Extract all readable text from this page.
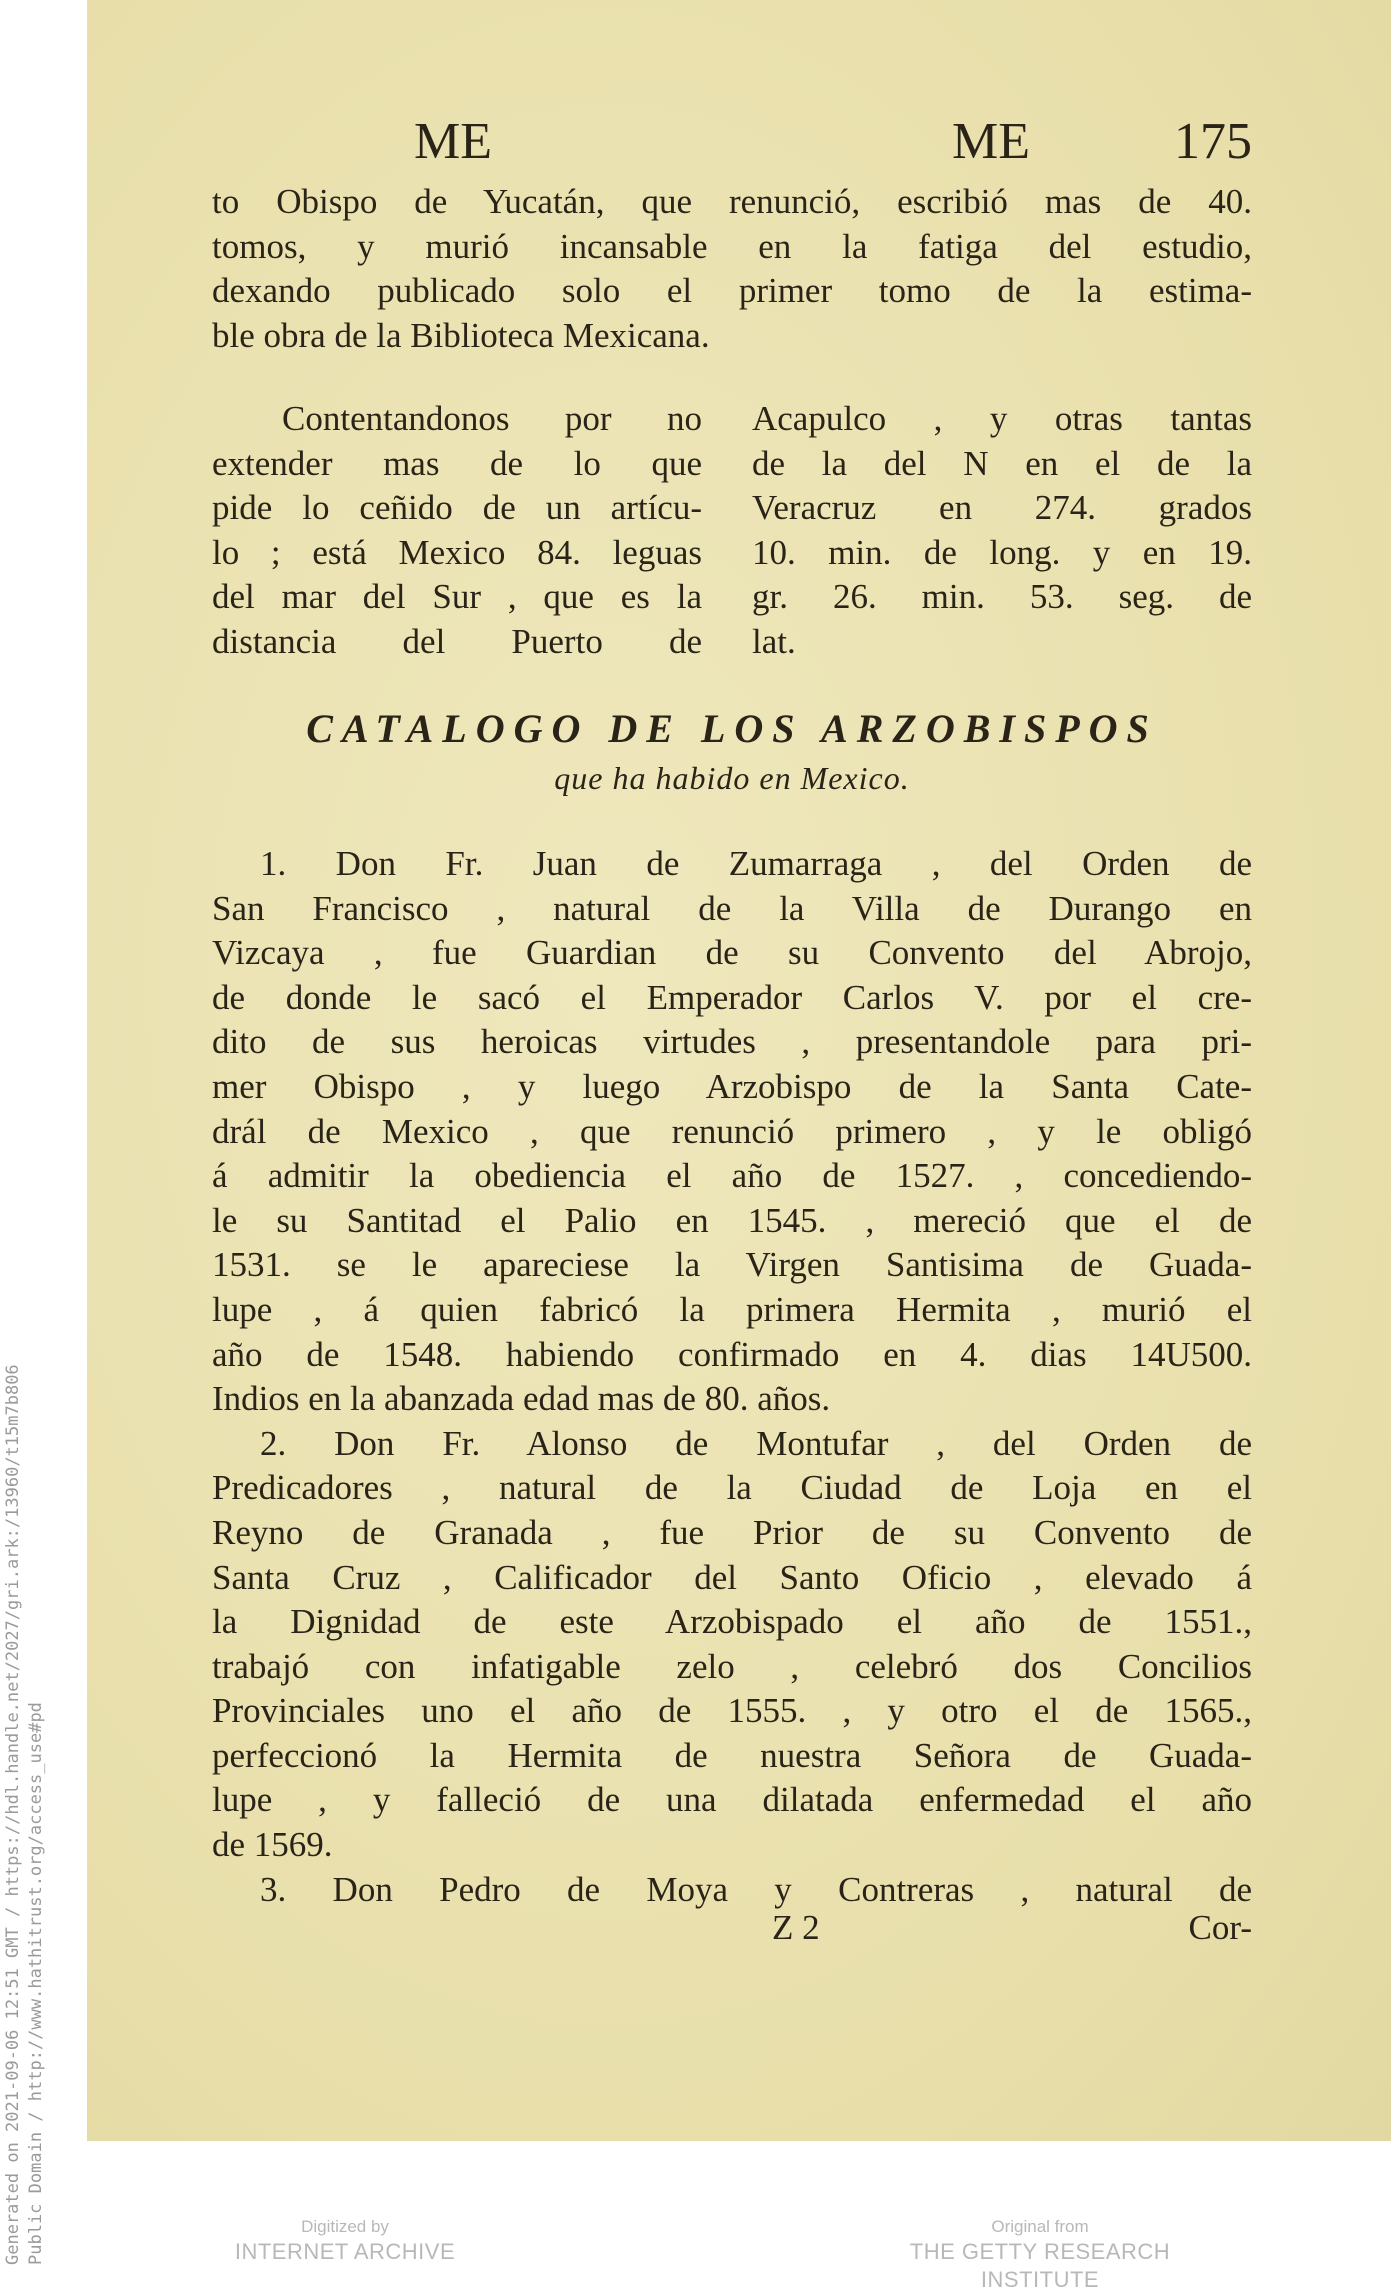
ME	ME	175
to Obispo de Yucatán, que renunció, escribió mas de 40.
tomos, y murió incansable en la fatiga del estudio,
dexando publicado solo el primer tomo de la estima-
ble obra de la Biblioteca Mexicana.
Contentandonos por no
extender mas de lo que
pide lo ceñido de un artícu-
lo ; está Mexico 84. leguas
del mar del Sur , que es la
distancia del Puerto de
Acapulco , y otras tantas
de la del N en el de la
Veracruz en 274. grados
10. min. de long. y en 19.
gr. 26. min. 53. seg. de
lat.
CATALOGO DE LOS ARZOBISPOS
que ha habido en Mexico.
1. Don Fr. Juan de Zumarraga , del Orden de
San Francisco , natural de la Villa de Durango en
Vizcaya , fue Guardian de su Convento del Abrojo,
de donde le sacó el Emperador Carlos V. por el cre-
dito de sus heroicas virtudes , presentandole para pri-
mer Obispo , y luego Arzobispo de la Santa Cate-
drál de Mexico , que renunció primero , y le obligó
á admitir la obediencia el año de 1527. , concediendo-
le su Santitad el Palio en 1545. , mereció que el de
1531. se le apareciese la Virgen Santisima de Guada-
lupe , á quien fabricó la primera Hermita , murió el
año de 1548. habiendo confirmado en 4. dias 14U500.
Indios en la abanzada edad mas de 80. años.
2. Don Fr. Alonso de Montufar , del Orden de
Predicadores , natural de la Ciudad de Loja en el
Reyno de Granada , fue Prior de su Convento de
Santa Cruz , Calificador del Santo Oficio , elevado á
la Dignidad de este Arzobispado el año de 1551.,
trabajó con infatigable zelo , celebró dos Concilios
Provinciales uno el año de 1555. , y otro el de 1565.,
perfeccionó la Hermita de nuestra Señora de Guada-
lupe , y falleció de una dilatada enfermedad el año
de 1569.
3. Don Pedro de Moya y Contreras , natural de
Z 2	Cor-
Generated on 2021-09-06 12:51 GMT / https://hdl.handle.net/2027/gri.ark:/13960/t15m7b806 Public Domain / http://www.hathitrust.org/access_use#pd	Digitized by
INTERNET ARCHIVE
Original from
THE GETTY RESEARCH INSTITUTE
